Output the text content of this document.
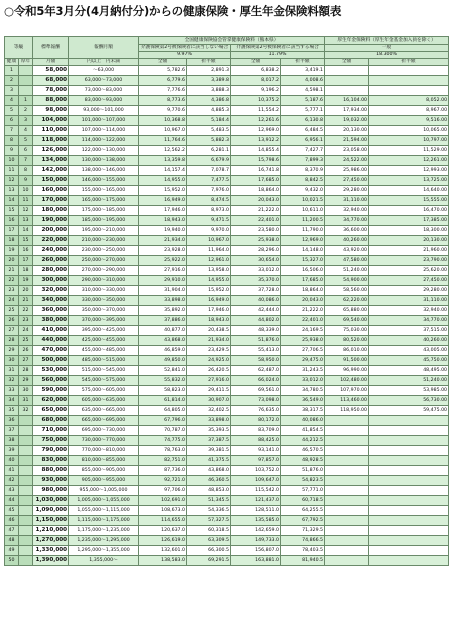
○令和5年3月分(4月納付分)からの健康保険・厚生年金保険料額表
等級		標準報酬	報酬月額	全国健康保険協会管掌健康保険料（熊本県）				厚生年金保険料（厚生年金基金加入員を除く）	
				介護保険第2号被保険者に該当しない場合		介護保険第2号被保険者に該当する場合		一般	
				9.97%		11.79%		18.300%	
健康	厚年	月額	円以上　円未満	全額	折半額	全額	折半額	全額	折半額
1		58,000	～63,000	5,782.6	2,891.3	6,838.2	3,419.1		
2		68,000	63,000～73,000	6,779.6	3,389.8	8,017.2	4,008.6		
3		78,000	73,000～83,000	7,776.6	3,888.3	9,196.2	4,598.1		
4	1	88,000	83,000～93,000	8,773.6	4,386.8	10,375.2	5,187.6	16,104.00	8,052.00
5	2	98,000	93,000～101,000	9,770.6	4,885.3	11,554.2	5,777.1	17,934.00	8,967.00
6	3	104,000	101,000～107,000	10,368.8	5,184.4	12,261.6	6,130.8	19,032.00	9,516.00
7	4	110,000	107,000～114,000	10,967.0	5,483.5	12,969.0	6,484.5	20,130.00	10,065.00
8	5	118,000	114,000～122,000	11,764.6	5,882.3	13,912.2	6,956.1	21,594.00	10,797.00
9	6	126,000	122,000～130,000	12,562.2	6,281.1	14,855.4	7,427.7	23,058.00	11,529.00
10	7	134,000	130,000～138,000	13,359.8	6,679.9	15,798.6	7,899.3	24,522.00	12,261.00
11	8	142,000	138,000～146,000	14,157.4	7,078.7	16,741.8	8,370.9	25,986.00	12,993.00
12	9	150,000	146,000～155,000	14,955.0	7,477.5	17,685.0	8,842.5	27,450.00	13,725.00
13	10	160,000	155,000～165,000	15,952.0	7,976.0	18,864.0	9,432.0	29,280.00	14,640.00
14	11	170,000	165,000～175,000	16,949.0	8,474.5	20,043.0	10,021.5	31,110.00	15,555.00
15	12	180,000	175,000～185,000	17,946.0	8,973.0	21,222.0	10,611.0	32,940.00	16,470.00
16	13	190,000	185,000～195,000	18,943.0	9,471.5	22,401.0	11,200.5	34,770.00	17,385.00
17	14	200,000	195,000～210,000	19,940.0	9,970.0	23,580.0	11,790.0	36,600.00	18,300.00
18	15	220,000	210,000～230,000	21,934.0	10,967.0	25,938.0	12,969.0	40,260.00	20,130.00
19	16	240,000	230,000～250,000	23,928.0	11,964.0	28,296.0	14,148.0	43,920.00	21,960.00
20	17	260,000	250,000～270,000	25,922.0	12,961.0	30,654.0	15,327.0	47,580.00	23,790.00
21	18	280,000	270,000～290,000	27,916.0	13,958.0	33,012.0	16,506.0	51,240.00	25,620.00
22	19	300,000	290,000～310,000	29,910.0	14,955.0	35,370.0	17,685.0	54,900.00	27,450.00
23	20	320,000	310,000～330,000	31,904.0	15,952.0	37,728.0	18,864.0	58,560.00	29,280.00
24	21	340,000	330,000～350,000	33,898.0	16,949.0	40,086.0	20,043.0	62,220.00	31,110.00
25	22	360,000	350,000～370,000	35,892.0	17,946.0	42,444.0	21,222.0	65,880.00	32,940.00
26	23	380,000	370,000～395,000	37,886.0	18,943.0	44,802.0	22,401.0	69,540.00	34,770.00
27	24	410,000	395,000～425,000	40,877.0	20,438.5	48,339.0	24,169.5	75,030.00	37,515.00
28	25	440,000	425,000～455,000	43,868.0	21,934.0	51,876.0	25,938.0	80,520.00	40,260.00
29	26	470,000	455,000～485,000	46,859.0	23,429.5	55,413.0	27,706.5	86,010.00	43,005.00
30	27	500,000	485,000～515,000	49,850.0	24,925.0	58,950.0	29,475.0	91,500.00	45,750.00
31	28	530,000	515,000～545,000	52,841.0	26,420.5	62,487.0	31,243.5	96,990.00	48,495.00
32	29	560,000	545,000～575,000	55,832.0	27,916.0	66,024.0	33,012.0	102,480.00	51,240.00
33	30	590,000	575,000～605,000	58,823.0	29,411.5	69,561.0	34,780.5	107,970.00	53,985.00
34	31	620,000	605,000～635,000	61,814.0	30,907.0	73,098.0	36,549.0	113,460.00	56,730.00
35	32	650,000	635,000～665,000	64,805.0	32,402.5	76,635.0	38,317.5	118,950.00	59,475.00
36		680,000	665,000～695,000	67,796.0	33,898.0	80,172.0	40,086.0		
37		710,000	695,000～730,000	70,787.0	35,393.5	83,709.0	41,854.5		
38		750,000	730,000～770,000	74,775.0	37,387.5	88,425.0	44,212.5		
39		790,000	770,000～810,000	78,763.0	39,381.5	93,141.0	46,570.5		
40		830,000	810,000～855,000	82,751.0	41,375.5	97,857.0	48,928.5		
41		880,000	855,000～905,000	87,736.0	43,868.0	103,752.0	51,876.0		
42		930,000	905,000～955,000	92,721.0	46,360.5	109,647.0	54,823.5		
43		980,000	955,000～1,005,000	97,706.0	48,853.0	115,542.0	57,771.0		
44		1,030,000	1,005,000～1,055,000	102,691.0	51,345.5	121,437.0	60,718.5		
45		1,090,000	1,055,000～1,115,000	108,673.0	54,336.5	128,511.0	64,255.5		
46		1,150,000	1,115,000～1,175,000	114,655.0	57,327.5	135,585.0	67,792.5		
47		1,210,000	1,175,000～1,235,000	120,637.0	60,318.5	142,659.0	71,329.5		
48		1,270,000	1,235,000～1,295,000	126,619.0	63,309.5	149,733.0	74,866.5		
49		1,330,000	1,295,000～1,355,000	132,601.0	66,300.5	156,807.0	78,403.5		
50		1,390,000	1,355,000～	138,583.0	69,291.5	163,881.0	81,940.5		
